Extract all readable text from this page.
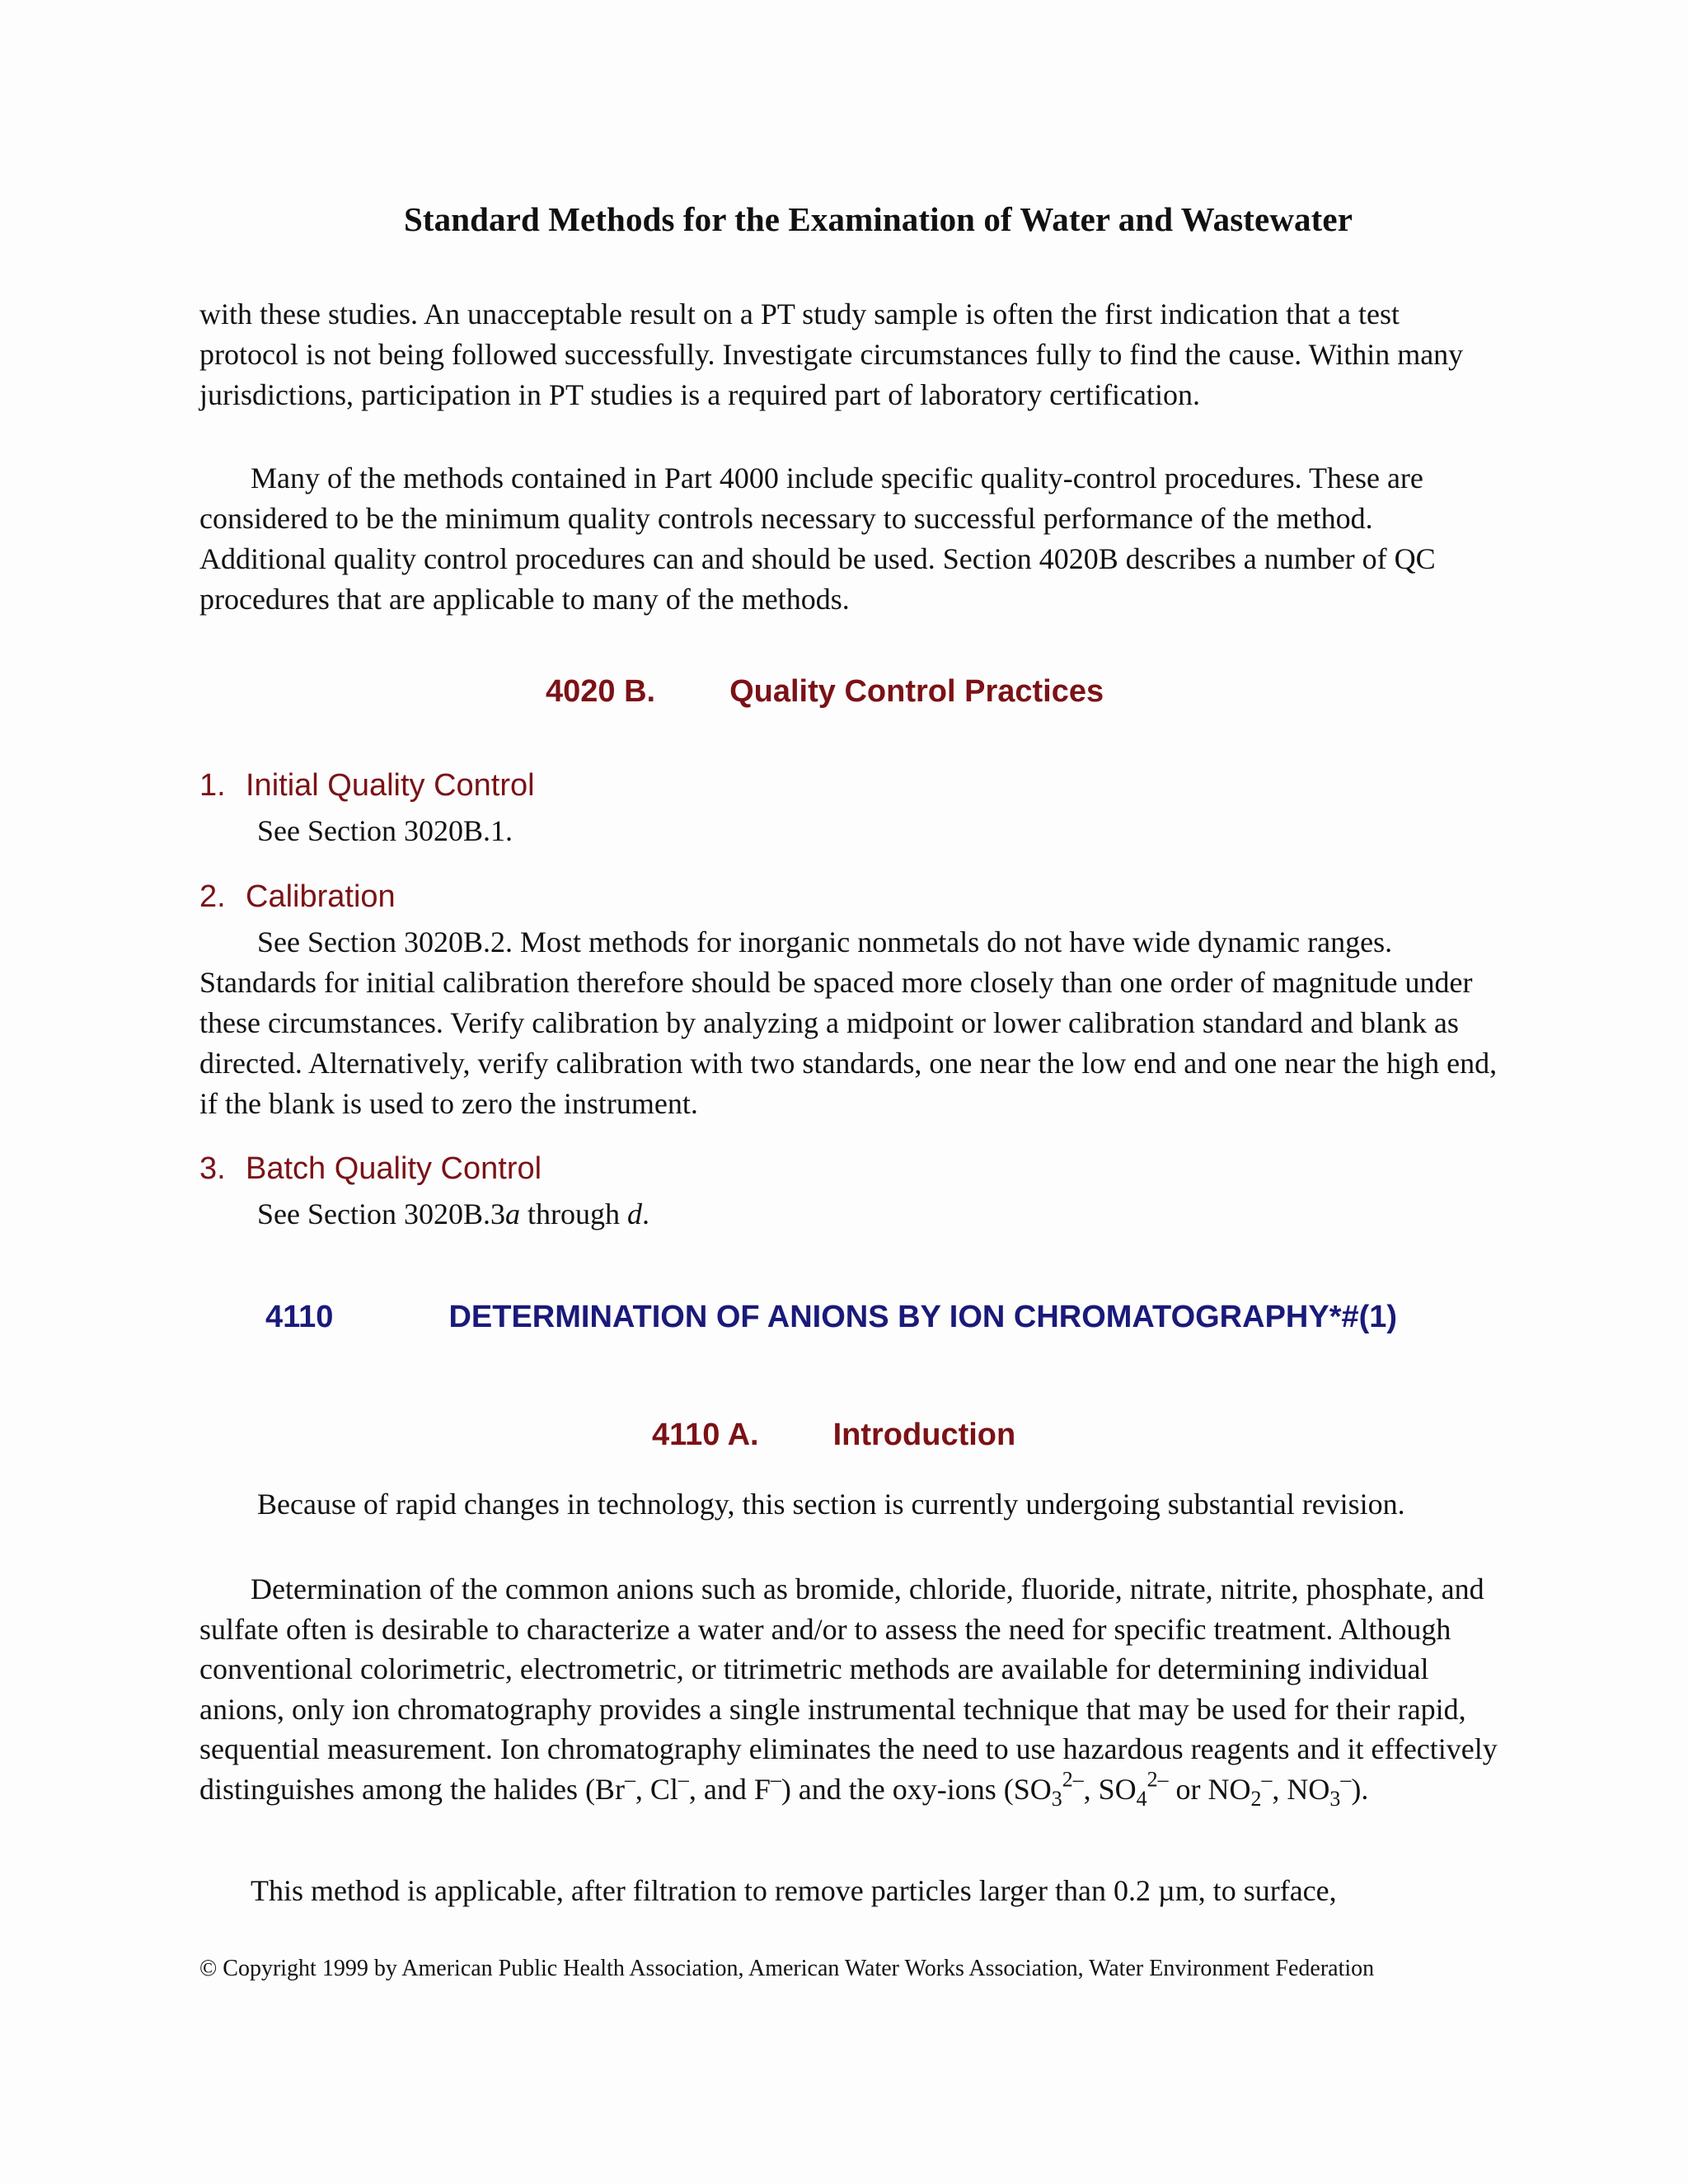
Standard Methods for the Examination of Water and Wastewater

with these studies. An unacceptable result on a PT study sample is often the first indication that a test protocol is not being followed successfully. Investigate circumstances fully to find the cause. Within many jurisdictions, participation in PT studies is a required part of laboratory certification.

Many of the methods contained in Part 4000 include specific quality-control procedures. These are considered to be the minimum quality controls necessary to successful performance of the method. Additional quality control procedures can and should be used. Section 4020B describes a number of QC procedures that are applicable to many of the methods.

4020 B. Quality Control Practices
1. Initial Quality Control

See Section 3020B.1.

2. Calibration

See Section 3020B.2. Most methods for inorganic nonmetals do not have wide dynamic ranges. Standards for initial calibration therefore should be spaced more closely than one order of magnitude under these circumstances. Verify calibration by analyzing a midpoint or lower calibration standard and blank as directed. Alternatively, verify calibration with two standards, one near the low end and one near the high end, if the blank is used to zero the instrument.

3. Batch Quality Control

See Section 3020B.3a through d.

4110	DETERMINATION OF ANIONS BY ION CHROMATOGRAPHY*#(1)
4110 A. Introduction

Because of rapid changes in technology, this section is currently undergoing substantial revision.

Determination of the common anions such as bromide, chloride, fluoride, nitrate, nitrite, phosphate, and sulfate often is desirable to characterize a water and/or to assess the need for specific treatment. Although conventional colorimetric, electrometric, or titrimetric methods are available for determining individual anions, only ion chromatography provides a single instrumental technique that may be used for their rapid, sequential measurement. Ion chromatography eliminates the need to use hazardous reagents and it effectively distinguishes among the halides (Br–, Cl–, and F–) and the oxy-ions ($SO_3^{2-}$, $SO_4^{2-}$ or $NO_2^-$, $NO_3^-$).

This method is applicable, after filtration to remove particles larger than 0.2 µm, to surface,

© Copyright 1999 by American Public Health Association, American Water Works Association, Water Environment Federation
